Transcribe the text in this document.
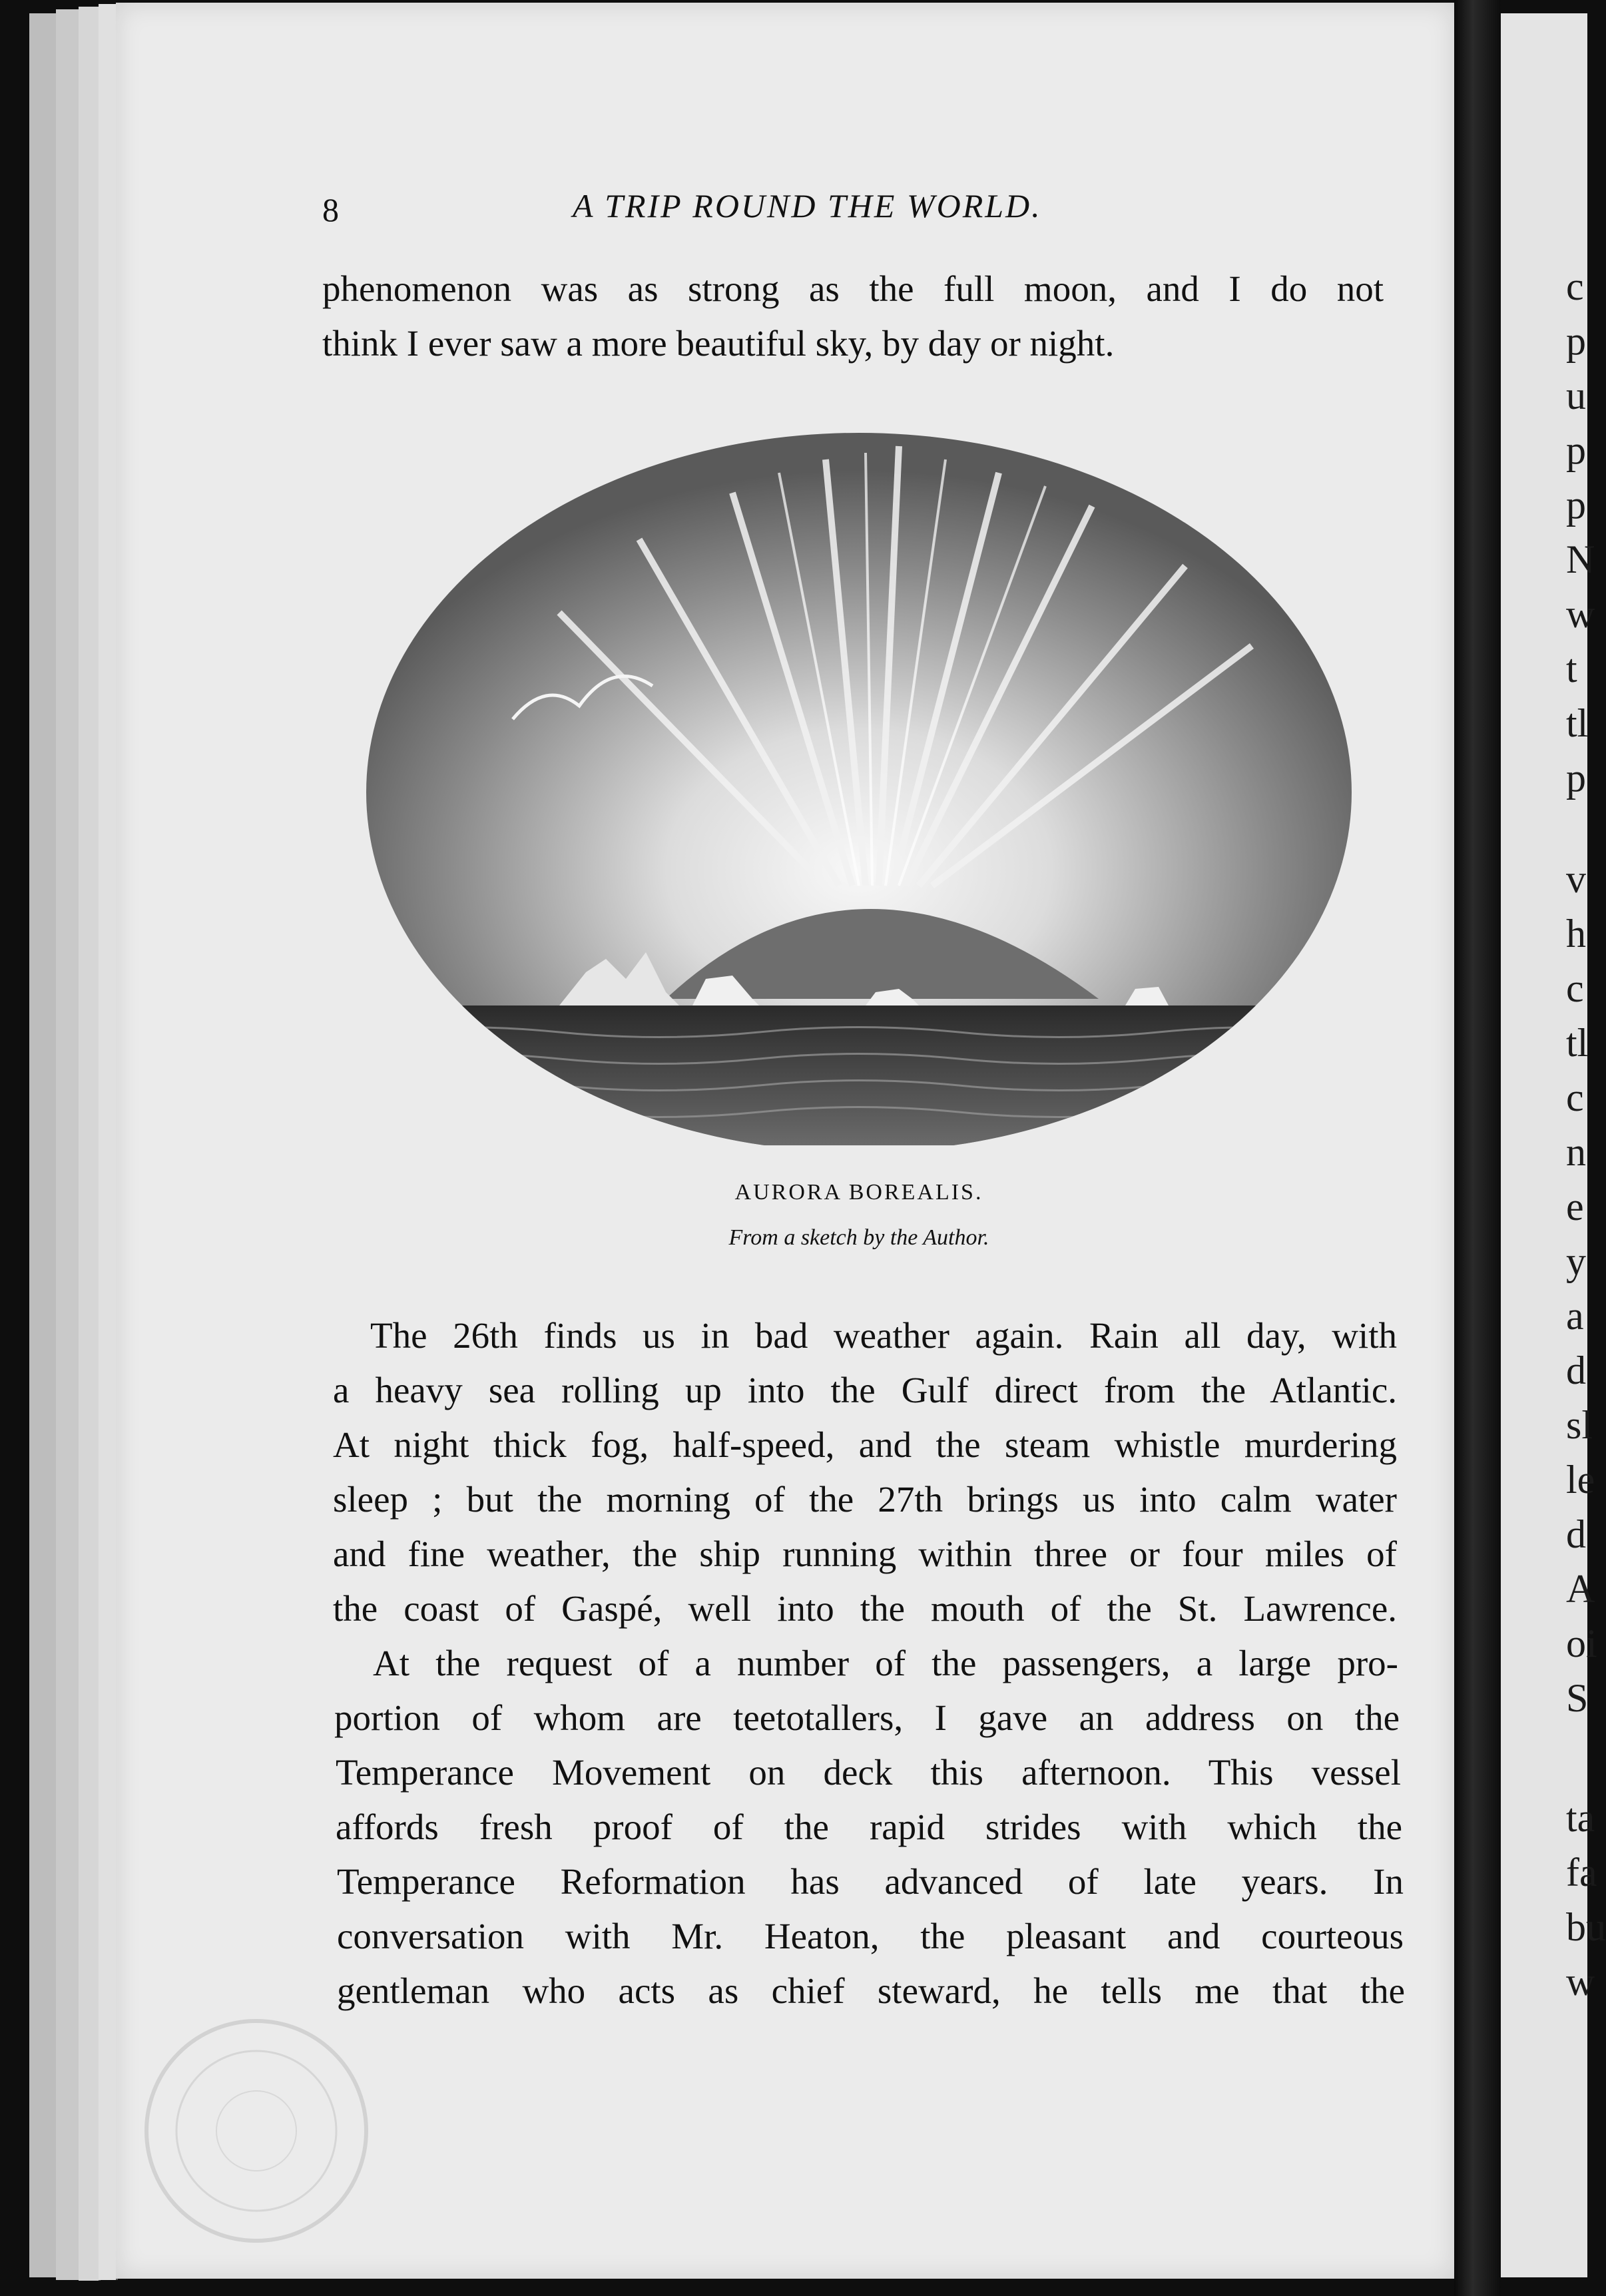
8	A TRIP ROUND THE WORLD.
phenomenon was as strong as the full moon, and I do not
think I ever saw a more beautiful sky, by day or night.
AURORA BOREALIS.
From a sketch by the Author.
The 26th finds us in bad weather again. Rain all day, with
a heavy sea rolling up into the Gulf direct from the Atlantic.
At night thick fog, half-speed, and the steam whistle murdering
sleep ; but the morning of the 27th brings us into calm water
and fine weather, the ship running within three or four miles of
the coast of Gaspé, well into the mouth of the St. Lawrence.
At the request of a number of the passengers, a large pro-
portion of whom are teetotallers, I gave an address on the
Temperance Movement on deck this afternoon. This vessel
affords fresh proof of the rapid strides with which the
Temperance Reformation has advanced of late years. In
conversation with Mr. Heaton, the pleasant and courteous
gentleman who acts as chief steward, he tells me that the
c
p
u
p
p
N
w
t
tl
p
v
h
c
tl
c
n
e
y
a
d
sl
le
d
A
oi
S
ta
fa
bu
w
